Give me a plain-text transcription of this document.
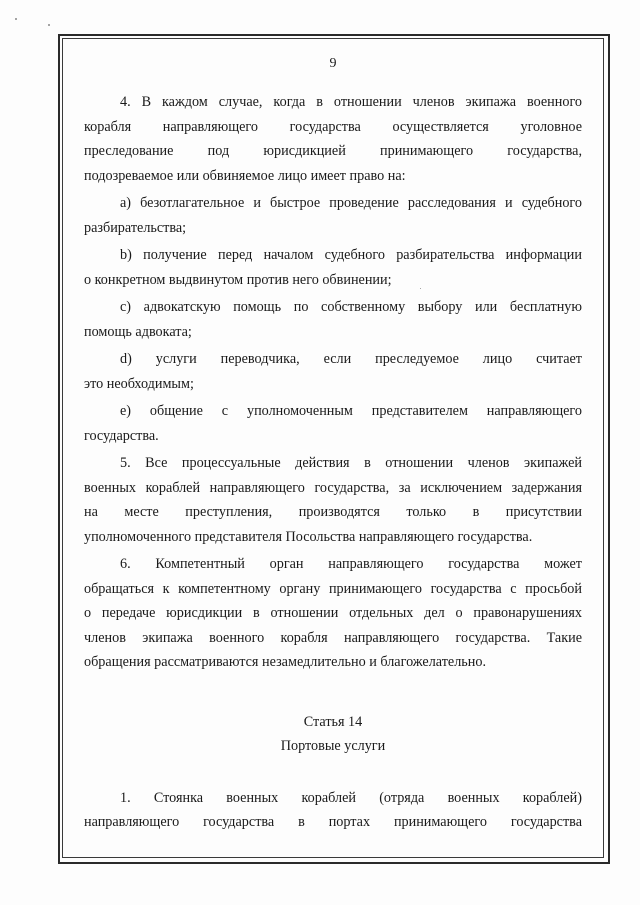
9

4. В каждом случае, когда в отношении членов экипажа военного
корабля направляющего государства осуществляется уголовное
преследование под юрисдикцией принимающего государства,
подозреваемое или обвиняемое лицо имеет право на:

а) безотлагательное и быстрое проведение расследования и судебного
разбирательства;

b) получение перед началом судебного разбирательства информации
о конкретном выдвинутом против него обвинении;

с) адвокатскую помощь по собственному выбору или бесплатную
помощь адвоката;

d) услуги переводчика, если преследуемое лицо считает
это необходимым;

е) общение с уполномоченным представителем направляющего
государства.

5. Все процессуальные действия в отношении членов экипажей
военных кораблей направляющего государства, за исключением задержания
на месте преступления, производятся только в присутствии
уполномоченного представителя Посольства направляющего государства.

6. Компетентный орган направляющего государства может
обращаться к компетентному органу принимающего государства с просьбой
о передаче юрисдикции в отношении отдельных дел о правонарушениях
членов экипажа военного корабля направляющего государства. Такие
обращения рассматриваются незамедлительно и благожелательно.

Статья 14

Портовые услуги

1. Стоянка военных кораблей (отряда военных кораблей)
направляющего государства в портах принимающего государства
